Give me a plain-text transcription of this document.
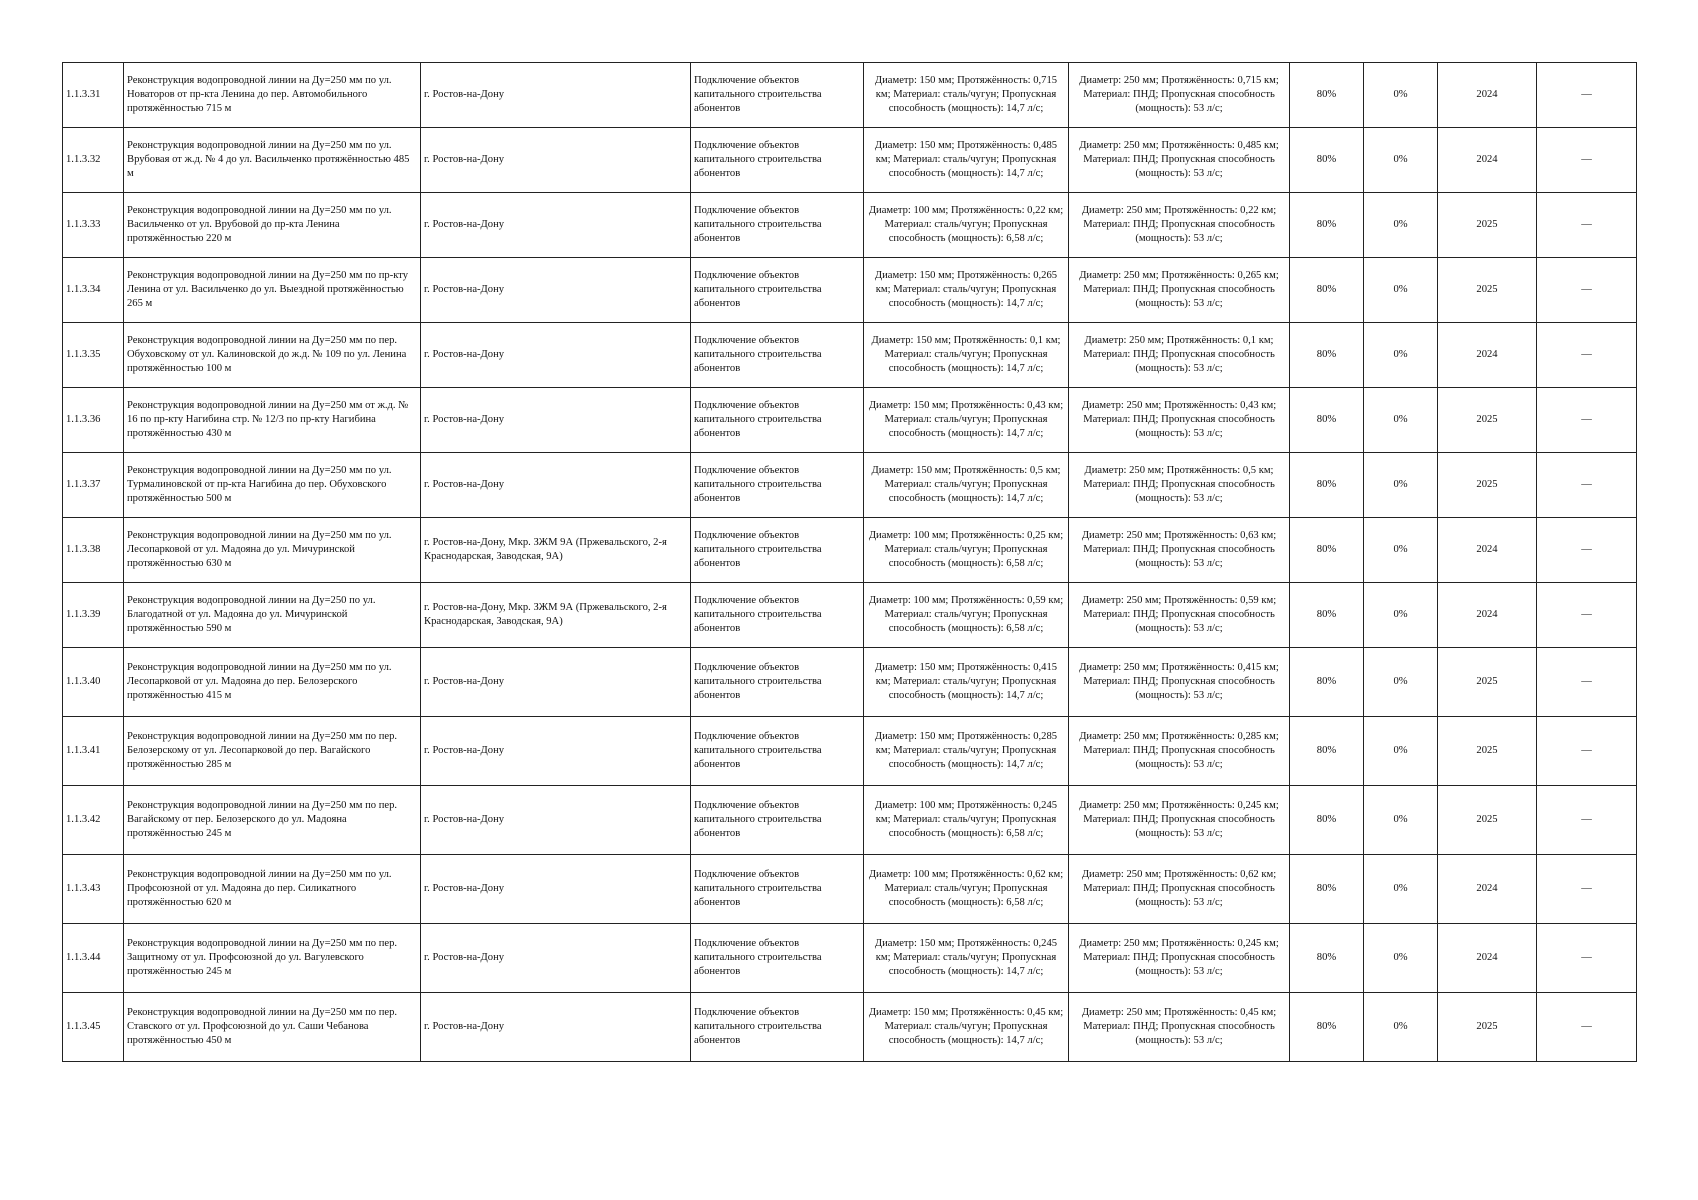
1.1.3.31	Реконструкция водопроводной линии на Ду=250 мм по ул. Новаторов от пр-кта Ленина до пер. Автомобильного протяжённостью 715 м	г. Ростов-на-Дону	Подключение объектов капитального строительства абонентов	Диаметр: 150 мм; Протяжённость: 0,715 км; Материал: сталь/чугун; Пропускная способность (мощность): 14,7 л/с;	Диаметр: 250 мм; Протяжённость: 0,715 км; Материал: ПНД; Пропускная способность (мощность): 53 л/с;	80%	0%	2024	—
1.1.3.32	Реконструкция водопроводной линии на Ду=250 мм по ул. Врубовая от ж.д. № 4 до ул. Васильченко протяжённостью 485 м	г. Ростов-на-Дону	Подключение объектов капитального строительства абонентов	Диаметр: 150 мм; Протяжённость: 0,485 км; Материал: сталь/чугун; Пропускная способность (мощность): 14,7 л/с;	Диаметр: 250 мм; Протяжённость: 0,485 км; Материал: ПНД; Пропускная способность (мощность): 53 л/с;	80%	0%	2024	—
1.1.3.33	Реконструкция водопроводной линии на Ду=250 мм по ул. Васильченко от ул. Врубовой до пр-кта Ленина протяжённостью 220 м	г. Ростов-на-Дону	Подключение объектов капитального строительства абонентов	Диаметр: 100 мм; Протяжённость: 0,22 км; Материал: сталь/чугун; Пропускная способность (мощность): 6,58 л/с;	Диаметр: 250 мм; Протяжённость: 0,22 км; Материал: ПНД; Пропускная способность (мощность): 53 л/с;	80%	0%	2025	—
1.1.3.34	Реконструкция водопроводной линии на Ду=250 мм по пр-кту Ленина от ул. Васильченко до ул. Выездной протяжённостью 265 м	г. Ростов-на-Дону	Подключение объектов капитального строительства абонентов	Диаметр: 150 мм; Протяжённость: 0,265 км; Материал: сталь/чугун; Пропускная способность (мощность): 14,7 л/с;	Диаметр: 250 мм; Протяжённость: 0,265 км; Материал: ПНД; Пропускная способность (мощность): 53 л/с;	80%	0%	2025	—
1.1.3.35	Реконструкция водопроводной линии на Ду=250 мм по пер. Обуховскому от ул. Калиновской до ж.д. № 109 по ул. Ленина протяжённостью 100 м	г. Ростов-на-Дону	Подключение объектов капитального строительства абонентов	Диаметр: 150 мм; Протяжённость: 0,1 км; Материал: сталь/чугун; Пропускная способность (мощность): 14,7 л/с;	Диаметр: 250 мм; Протяжённость: 0,1 км; Материал: ПНД; Пропускная способность (мощность): 53 л/с;	80%	0%	2024	—
1.1.3.36	Реконструкция водопроводной линии на Ду=250 мм от ж.д. № 16 по пр-кту Нагибина стр. № 12/3 по пр-кту Нагибина протяжённостью 430 м	г. Ростов-на-Дону	Подключение объектов капитального строительства абонентов	Диаметр: 150 мм; Протяжённость: 0,43 км; Материал: сталь/чугун; Пропускная способность (мощность): 14,7 л/с;	Диаметр: 250 мм; Протяжённость: 0,43 км; Материал: ПНД; Пропускная способность (мощность): 53 л/с;	80%	0%	2025	—
1.1.3.37	Реконструкция водопроводной линии на Ду=250 мм по ул. Турмалиновской от пр-кта Нагибина до пер. Обуховского протяжённостью 500 м	г. Ростов-на-Дону	Подключение объектов капитального строительства абонентов	Диаметр: 150 мм; Протяжённость: 0,5 км; Материал: сталь/чугун; Пропускная способность (мощность): 14,7 л/с;	Диаметр: 250 мм; Протяжённость: 0,5 км; Материал: ПНД; Пропускная способность (мощность): 53 л/с;	80%	0%	2025	—
1.1.3.38	Реконструкция водопроводной линии на Ду=250 мм по ул. Лесопарковой от ул. Мадояна до ул. Мичуринской протяжённостью 630 м	г. Ростов-на-Дону, Мкр. ЗЖМ 9А (Пржевальского, 2-я Краснодарская, Заводская, 9А)	Подключение объектов капитального строительства абонентов	Диаметр: 100 мм; Протяжённость: 0,25 км; Материал: сталь/чугун; Пропускная способность (мощность): 6,58 л/с;	Диаметр: 250 мм; Протяжённость: 0,63 км; Материал: ПНД; Пропускная способность (мощность): 53 л/с;	80%	0%	2024	—
1.1.3.39	Реконструкция водопроводной линии на Ду=250 по ул. Благодатной от ул. Мадояна до ул. Мичуринской протяжённостью 590 м	г. Ростов-на-Дону, Мкр. ЗЖМ 9А (Пржевальского, 2-я Краснодарская, Заводская, 9А)	Подключение объектов капитального строительства абонентов	Диаметр: 100 мм; Протяжённость: 0,59 км; Материал: сталь/чугун; Пропускная способность (мощность): 6,58 л/с;	Диаметр: 250 мм; Протяжённость: 0,59 км; Материал: ПНД; Пропускная способность (мощность): 53 л/с;	80%	0%	2024	—
1.1.3.40	Реконструкция водопроводной линии на Ду=250 мм по ул. Лесопарковой от ул. Мадояна до пер. Белозерского протяжённостью 415 м	г. Ростов-на-Дону	Подключение объектов капитального строительства абонентов	Диаметр: 150 мм; Протяжённость: 0,415 км; Материал: сталь/чугун; Пропускная способность (мощность): 14,7 л/с;	Диаметр: 250 мм; Протяжённость: 0,415 км; Материал: ПНД; Пропускная способность (мощность): 53 л/с;	80%	0%	2025	—
1.1.3.41	Реконструкция водопроводной линии на Ду=250 мм по пер. Белозерскому от ул. Лесопарковой до пер. Вагайского протяжённостью 285 м	г. Ростов-на-Дону	Подключение объектов капитального строительства абонентов	Диаметр: 150 мм; Протяжённость: 0,285 км; Материал: сталь/чугун; Пропускная способность (мощность): 14,7 л/с;	Диаметр: 250 мм; Протяжённость: 0,285 км; Материал: ПНД; Пропускная способность (мощность): 53 л/с;	80%	0%	2025	—
1.1.3.42	Реконструкция водопроводной линии на Ду=250 мм по пер. Вагайскому от пер. Белозерского до ул. Мадояна протяжённостью 245 м	г. Ростов-на-Дону	Подключение объектов капитального строительства абонентов	Диаметр: 100 мм; Протяжённость: 0,245 км; Материал: сталь/чугун; Пропускная способность (мощность): 6,58 л/с;	Диаметр: 250 мм; Протяжённость: 0,245 км; Материал: ПНД; Пропускная способность (мощность): 53 л/с;	80%	0%	2025	—
1.1.3.43	Реконструкция водопроводной линии на Ду=250 мм по ул. Профсоюзной от ул. Мадояна до пер. Силикатного протяжённостью 620 м	г. Ростов-на-Дону	Подключение объектов капитального строительства абонентов	Диаметр: 100 мм; Протяжённость: 0,62 км; Материал: сталь/чугун; Пропускная способность (мощность): 6,58 л/с;	Диаметр: 250 мм; Протяжённость: 0,62 км; Материал: ПНД; Пропускная способность (мощность): 53 л/с;	80%	0%	2024	—
1.1.3.44	Реконструкция водопроводной линии на Ду=250 мм по пер. Защитному от ул. Профсоюзной до ул. Вагулевского протяжённостью 245 м	г. Ростов-на-Дону	Подключение объектов капитального строительства абонентов	Диаметр: 150 мм; Протяжённость: 0,245 км; Материал: сталь/чугун; Пропускная способность (мощность): 14,7 л/с;	Диаметр: 250 мм; Протяжённость: 0,245 км; Материал: ПНД; Пропускная способность (мощность): 53 л/с;	80%	0%	2024	—
1.1.3.45	Реконструкция водопроводной линии на Ду=250 мм по пер. Ставского от ул. Профсоюзной до ул. Саши Чебанова протяжённостью 450 м	г. Ростов-на-Дону	Подключение объектов капитального строительства абонентов	Диаметр: 150 мм; Протяжённость: 0,45 км; Материал: сталь/чугун; Пропускная способность (мощность): 14,7 л/с;	Диаметр: 250 мм; Протяжённость: 0,45 км; Материал: ПНД; Пропускная способность (мощность): 53 л/с;	80%	0%	2025	—
